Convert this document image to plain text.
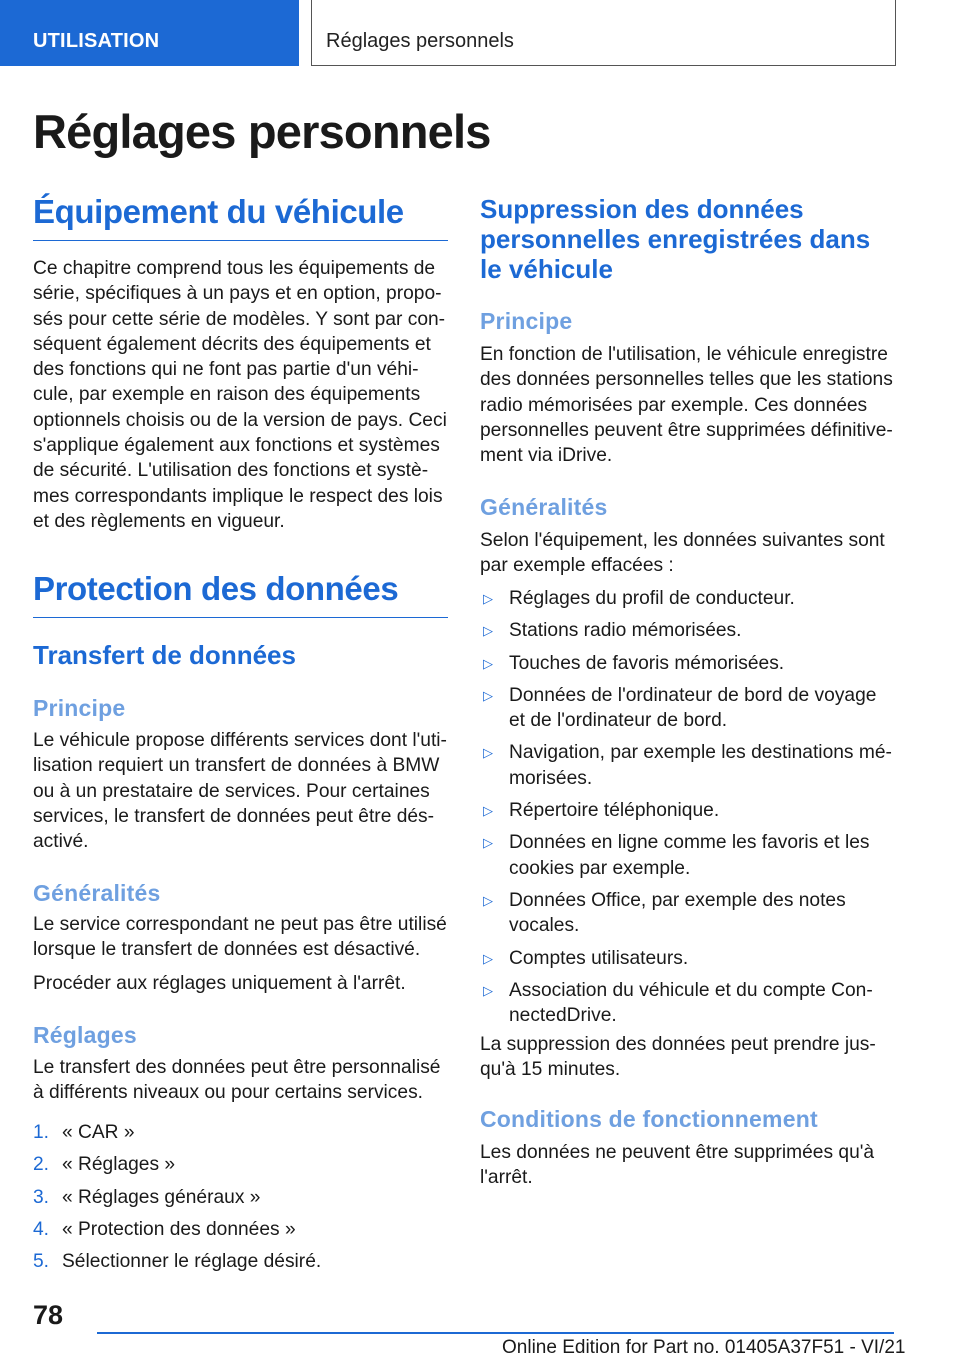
UTILISATION	Réglages personnels
Réglages personnels
Équipement du véhicule
Ce chapitre comprend tous les équipements de série, spécifiques à un pays et en option, proposés pour cette série de modèles. Y sont par conséquent également décrits des équipements et des fonctions qui ne font pas partie d'un véhicule, par exemple en raison des équipements optionnels choisis ou de la version de pays. Ceci s'applique également aux fonctions et systèmes de sécurité. L'utilisation des fonctions et systèmes correspondants implique le respect des lois et des règlements en vigueur.
Protection des données
Transfert de données
Principe
Le véhicule propose différents services dont l'utilisation requiert un transfert de données à BMW ou à un prestataire de services. Pour certaines services, le transfert de données peut être désactivé.
Généralités
Le service correspondant ne peut pas être utilisé lorsque le transfert de données est désactivé.
Procéder aux réglages uniquement à l'arrêt.
Réglages
Le transfert des données peut être personnalisé à différents niveaux ou pour certains services.
1. « CAR »
2. « Réglages »
3. « Réglages généraux »
4. « Protection des données »
5. Sélectionner le réglage désiré.
Suppression des données personnelles enregistrées dans le véhicule
Principe
En fonction de l'utilisation, le véhicule enregistre des données personnelles telles que les stations radio mémorisées par exemple. Ces données personnelles peuvent être supprimées définitivement via iDrive.
Généralités
Selon l'équipement, les données suivantes sont par exemple effacées :
▷ Réglages du profil de conducteur.
▷ Stations radio mémorisées.
▷ Touches de favoris mémorisées.
▷ Données de l'ordinateur de bord de voyage et de l'ordinateur de bord.
▷ Navigation, par exemple les destinations mémorisées.
▷ Répertoire téléphonique.
▷ Données en ligne comme les favoris et les cookies par exemple.
▷ Données Office, par exemple des notes vocales.
▷ Comptes utilisateurs.
▷ Association du véhicule et du compte ConnectedDrive.
La suppression des données peut prendre jusqu'à 15 minutes.
Conditions de fonctionnement
Les données ne peuvent être supprimées qu'à l'arrêt.
78
Online Edition for Part no. 01405A37F51 - VI/21
